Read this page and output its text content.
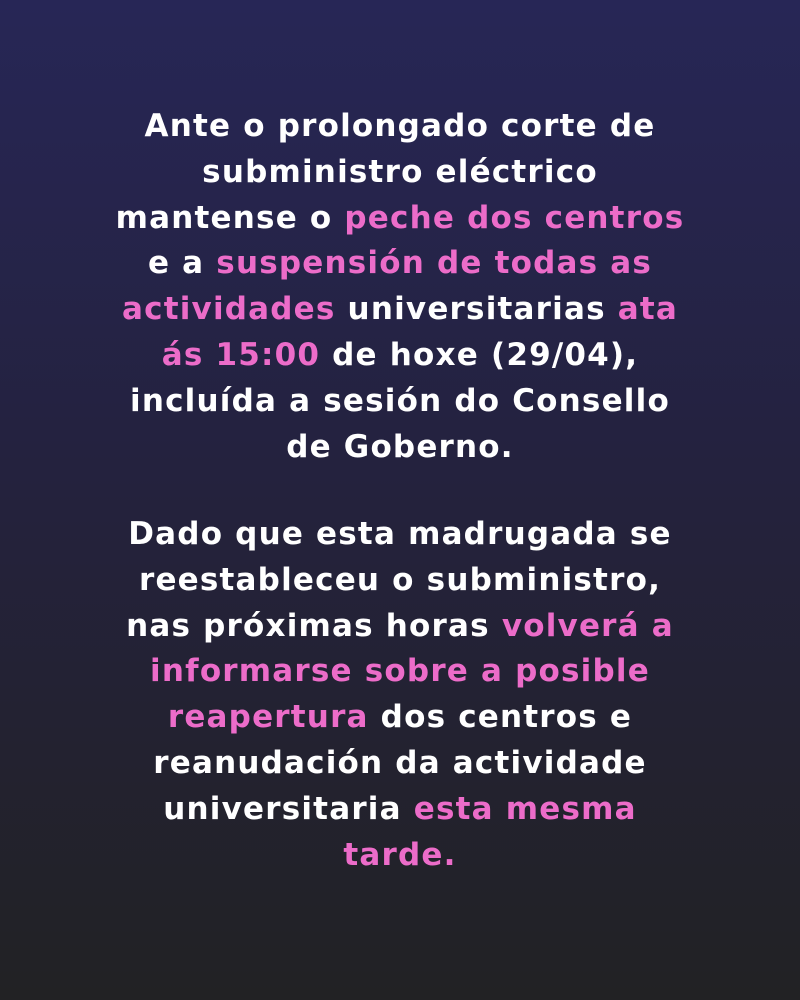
Ante o prolongado corte de
subministro eléctrico
mantense o peche dos centros
e a suspensión de todas as
actividades universitarias ata
ás 15:00 de hoxe (29/04),
incluída a sesión do Consello
de Goberno.

Dado que esta madrugada se
reestableceu o subministro,
nas próximas horas volverá a
informarse sobre a posible
reapertura dos centros e
reanudación da actividade
universitaria esta mesma
tarde.
